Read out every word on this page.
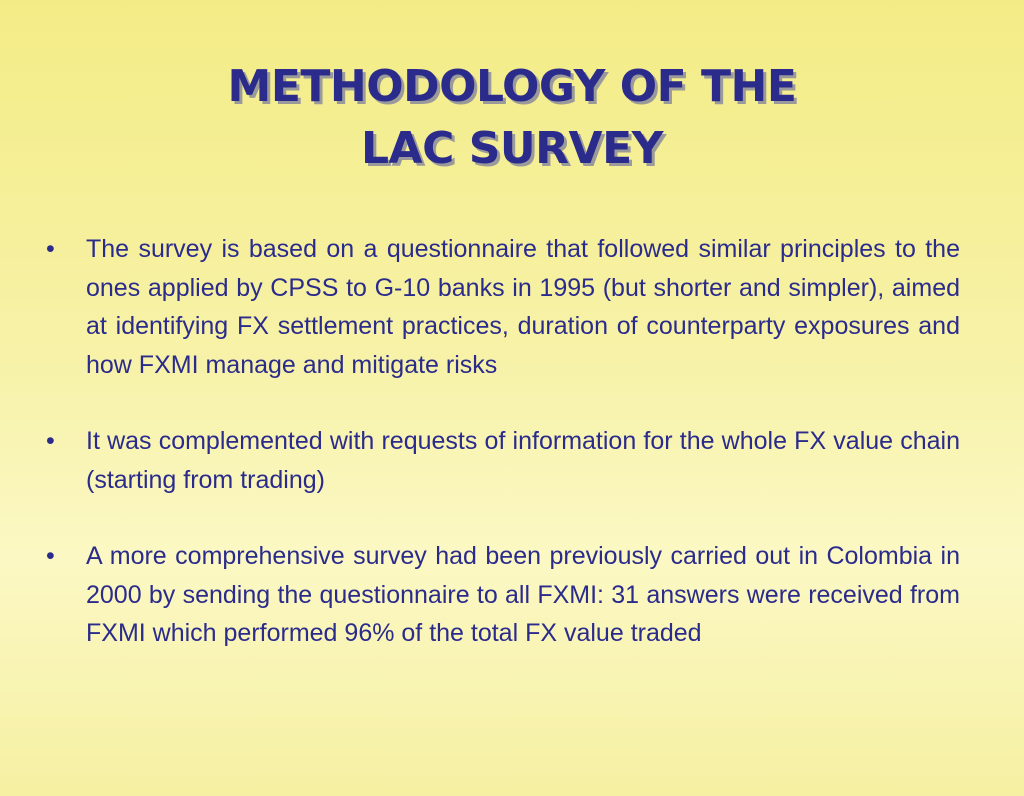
METHODOLOGY OF THE
LAC SURVEY
•	The survey is based on a questionnaire that followed similar principles to the ones applied by CPSS to G-10 banks in 1995 (but shorter and simpler), aimed at identifying FX settlement practices, duration of counterparty exposures and how FXMI manage and mitigate risks
•	It was complemented with requests of information for the whole FX value chain (starting from trading)
•	A more comprehensive survey had been previously carried out in Colombia in 2000 by sending the questionnaire to all FXMI: 31 answers were received from FXMI which performed 96% of the total FX value traded
